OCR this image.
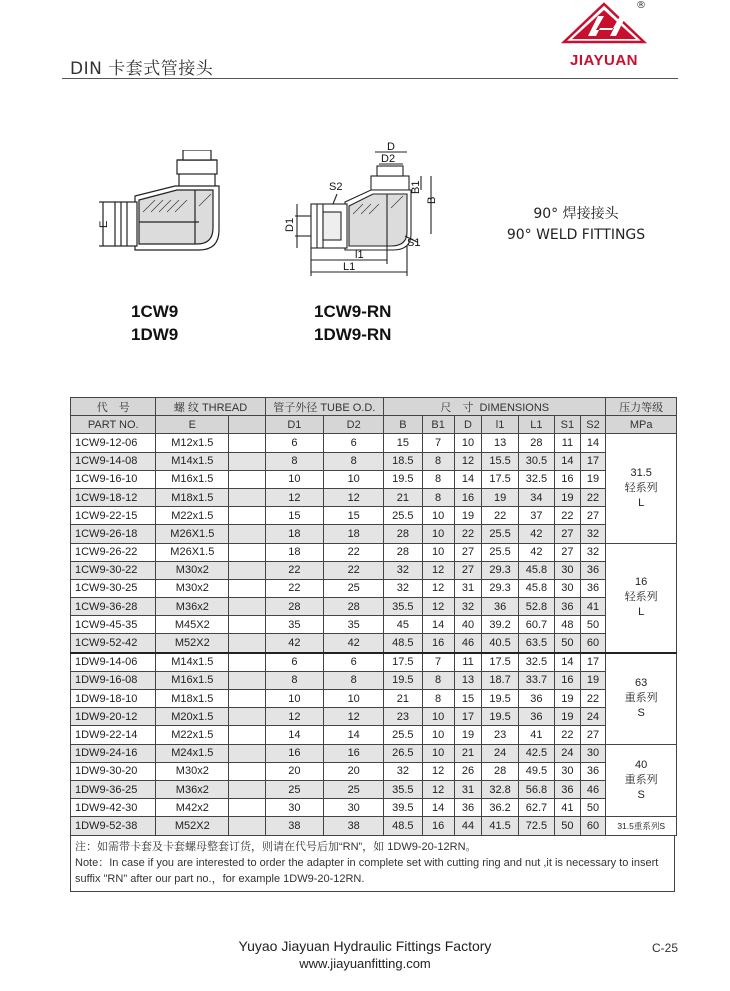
DIN 卡套式管接头
®
JIAYUAN
E
D
D2
S2	B1
B
D1
S1
l1
L1
1CW9
1DW9
1CW9-RN
1DW9-RN
90° 焊接接头
90° WELD FITTINGS
代　号	螺 纹 THREAD		管子外径 TUBE O.D.		尺　寸 DIMENSIONS							压力等级
PART NO.	E		D1	D2	B	B1	D	l1	L1	S1	S2	MPa
1CW9-12-06	M12x1.5		6	6	15	7	10	13	28	11	14	31.5
轻系列
L

1CW9-14-08	M14x1.5		8	8	18.5	8	12	15.5	30.5	14	17	
1CW9-16-10	M16x1.5		10	10	19.5	8	14	17.5	32.5	16	19	
1CW9-18-12	M18x1.5		12	12	21	8	16	19	34	19	22	
1CW9-22-15	M22x1.5		15	15	25.5	10	19	22	37	22	27	
1CW9-26-18	M26X1.5		18	18	28	10	22	25.5	42	27	32	
1CW9-26-22	M26X1.5		18	22	28	10	27	25.5	42	27	32	16
轻系列
L

1CW9-30-22	M30x2		22	22	32	12	27	29.3	45.8	30	36	
1CW9-30-25	M30x2		22	25	32	12	31	29.3	45.8	30	36	
1CW9-36-28	M36x2		28	28	35.5	12	32	36	52.8	36	41	
1CW9-45-35	M45X2		35	35	45	14	40	39.2	60.7	48	50	
1CW9-52-42	M52X2		42	42	48.5	16	46	40.5	63.5	50	60	
1DW9-14-06	M14x1.5		6	6	17.5	7	11	17.5	32.5	14	17	63
重系列
S

1DW9-16-08	M16x1.5		8	8	19.5	8	13	18.7	33.7	16	19	
1DW9-18-10	M18x1.5		10	10	21	8	15	19.5	36	19	22	
1DW9-20-12	M20x1.5		12	12	23	10	17	19.5	36	19	24	
1DW9-22-14	M22x1.5		14	14	25.5	10	19	23	41	22	27	
1DW9-24-16	M24x1.5		16	16	26.5	10	21	24	42.5	24	30	40
重系列
S

1DW9-30-20	M30x2		20	20	32	12	26	28	49.5	30	36	
1DW9-36-25	M36x2		25	25	35.5	12	31	32.8	56.8	36	46	
1DW9-42-30	M42x2		30	30	39.5	14	36	36.2	62.7	41	50	
1DW9-52-38	M52X2		38	38	48.5	16	44	41.5	72.5	50	60	31.5重系列S
注：如需带卡套及卡套螺母整套订货，则请在代号后加“RN”，如 1DW9-20-12RN。
Note：In case if you are interested to order the adapter in complete set with cutting ring and nut ,it is necessary to insert suffix "RN" after our part no.，for example 1DW9-20-12RN.
Yuyao Jiayuan Hydraulic Fittings Factory
www.jiayuanfitting.com
C-25
